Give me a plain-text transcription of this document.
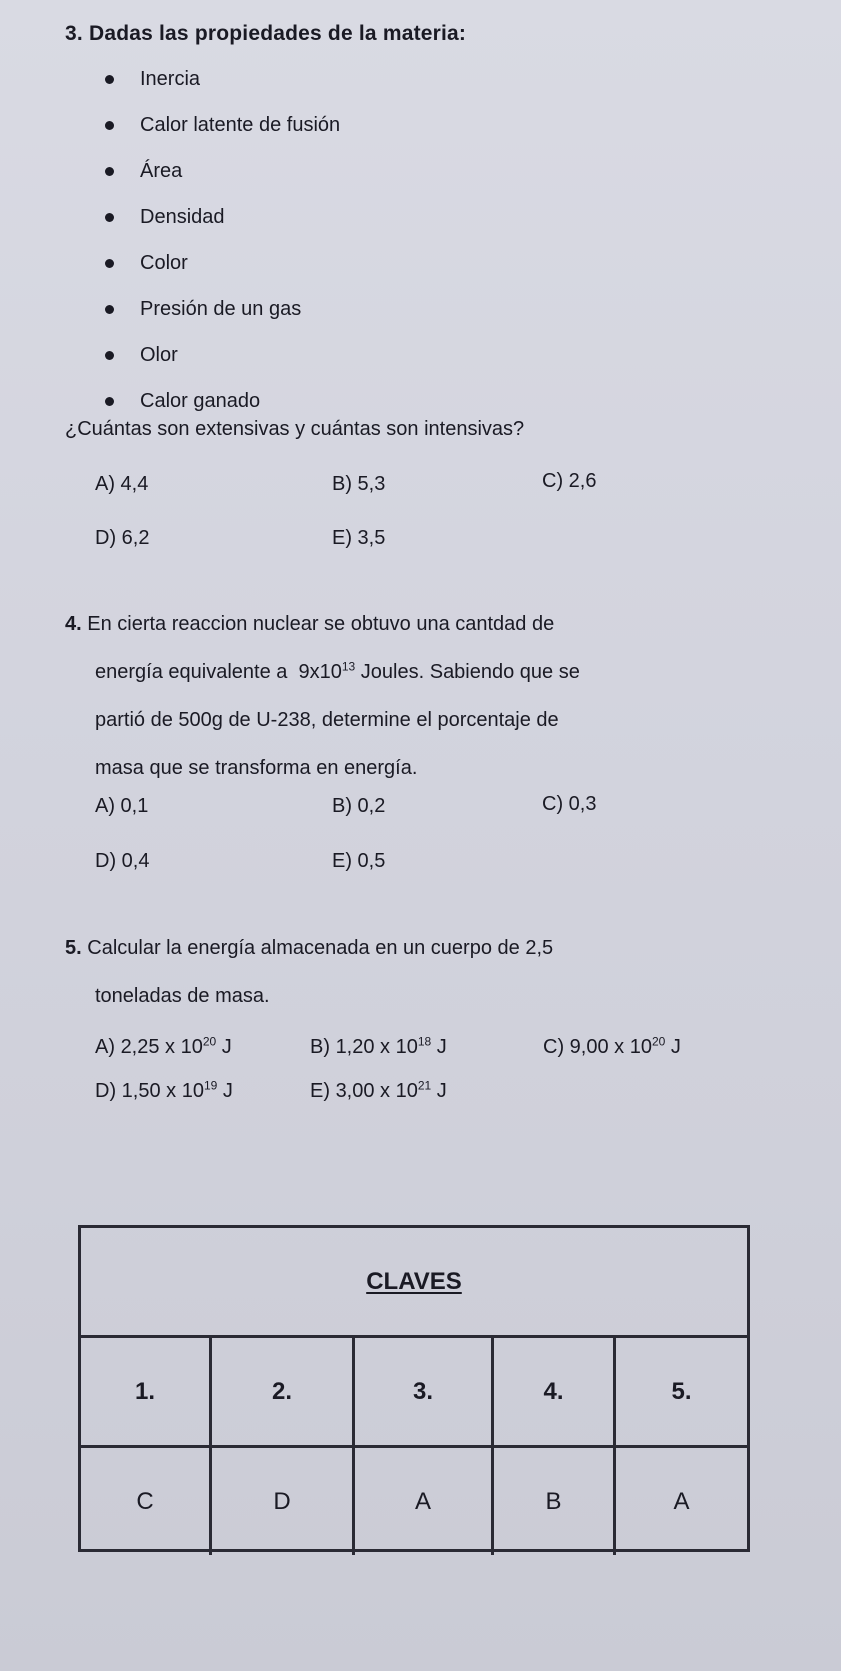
3. Dadas las propiedades de la materia:
Inercia
Calor latente de fusión
Área
Densidad
Color
Presión de un gas
Olor
Calor ganado
¿Cuántas son extensivas y cuántas son intensivas?
A) 4,4	B) 5,3	C) 2,6
D) 6,2	E) 3,5
4. En cierta reaccion nuclear se obtuvo una cantdad de
energía equivalente a $9x10^{13}$ Joules. Sabiendo que se
partió de 500g de U-238, determine el porcentaje de
masa que se transforma en energía.
A) 0,1	B) 0,2	C) 0,3
D) 0,4	E) 0,5
5. Calcular la energía almacenada en un cuerpo de 2,5
toneladas de masa.
A) 2,25 x $10^{20}$ J	B) 1,20 x $10^{18}$ J	C) 9,00 x $10^{20}$ J
D) 1,50 x $10^{19}$ J	E) 3,00 x $10^{21}$ J
CLAVES
1.	2.	3.	4.	5.
C	D	A	B	A
